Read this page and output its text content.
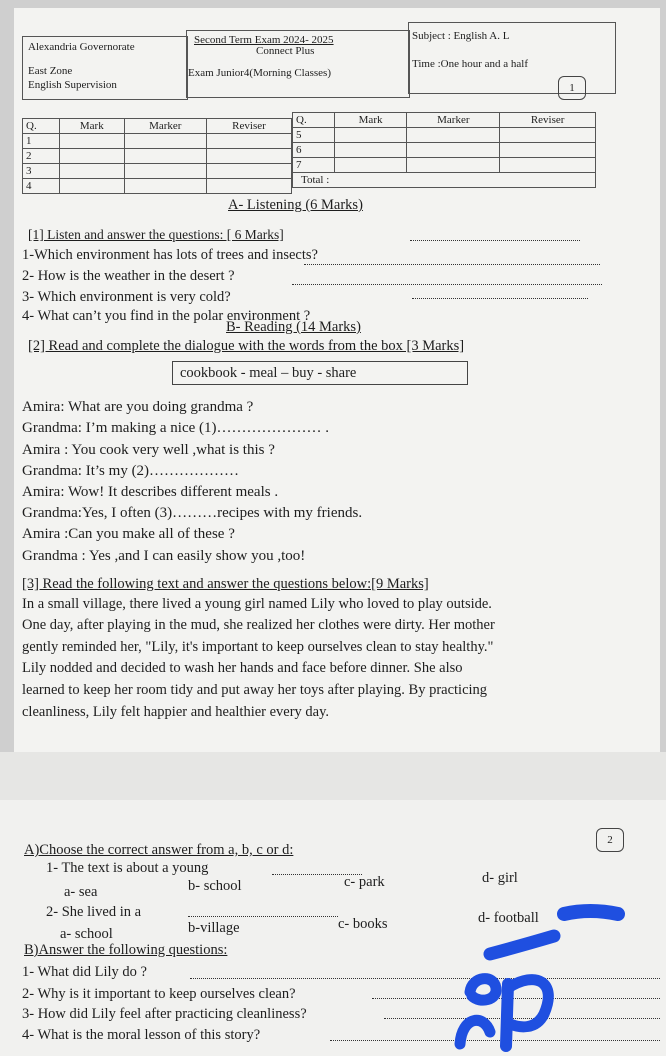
Alexandria Governorate
East Zone
English Supervision
Second Term Exam 2024- 2025
Connect Plus
Exam Junior4(Morning Classes)
Subject : English A. L
Time :One hour and a half
1
Q.	Mark	Marker	Reviser
1			
2			
3			
4			
Q.	Mark	Marker	Reviser
5			
6			
7			
Total :			
A- Listening (6 Marks)
[1] Listen and answer the questions: [ 6 Marks]
1-Which environment has lots of trees and insects?
2- How is the weather in the desert ?
3- Which environment is very cold?
4- What can’t you find in the polar environment ?
B- Reading (14 Marks)
[2] Read and complete the dialogue with the words from the box [3 Marks]
cookbook - meal – buy - share
Amira: What are you doing grandma ?
Grandma: I’m making a nice (1)………………… .
Amira : You cook very well ,what is this ?
Grandma: It’s my (2)………………
Amira: Wow! It describes different meals .
Grandma:Yes, I often (3)………recipes with my friends.
Amira :Can you make all of these ?
Grandma : Yes ,and I can easily show you ,too!
[3] Read the following text and answer the questions below:[9 Marks]
In a small village, there lived a young girl named Lily who loved to play outside.
One day, after playing in the mud, she realized her clothes were dirty. Her mother
gently reminded her, "Lily, it's important to keep ourselves clean to stay healthy."
Lily nodded and decided to wash her hands and face before dinner. She also
learned to keep her room tidy and put away her toys after playing. By practicing
cleanliness, Lily felt happier and healthier every day.
A)Choose the correct answer from a, b, c or d:
2
1- The text is about a young
a- sea	b- school	c- park	d- girl
2- She lived in a
a- school	b-village	c- books	d- football
B)Answer the following questions:
1- What did Lily do ?
2- Why is it important to keep ourselves clean?
3- How did Lily feel after practicing cleanliness?
4- What is the moral lesson of this story?
